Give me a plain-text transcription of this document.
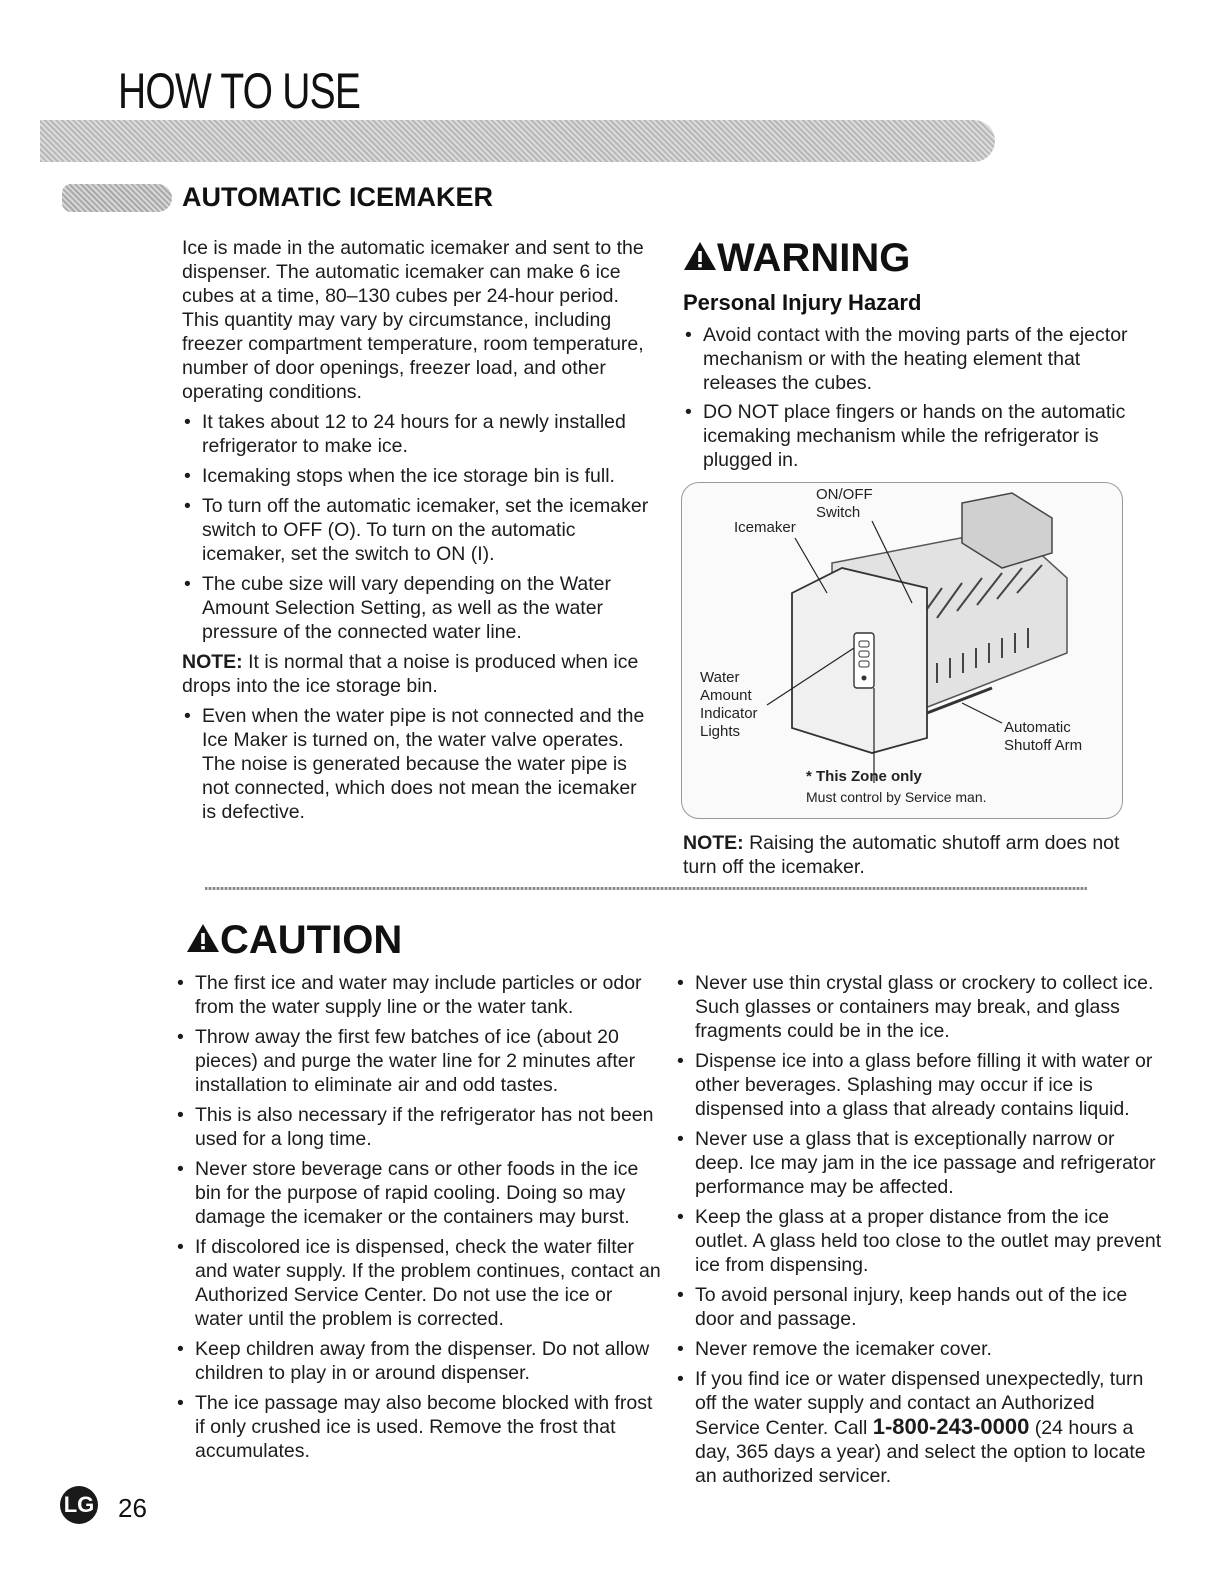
HOW TO USE
AUTOMATIC ICEMAKER

Ice is made in the automatic icemaker and sent to the dispenser. The automatic icemaker can make 6 ice cubes at a time, 80–130 cubes per 24-hour period. This quantity may vary by circumstance, including freezer compartment temperature, room temperature, number of door openings, freezer load, and other operating conditions.

• It takes about 12 to 24 hours for a newly installed refrigerator to make ice.

• Icemaking stops when the ice storage bin is full.

• To turn off the automatic icemaker, set the icemaker switch to OFF (O). To turn on the automatic icemaker, set the switch to ON (I).

• The cube size will vary depending on the Water Amount Selection Setting, as well as the water pressure of the connected water line.

NOTE: It is normal that a noise is produced when ice drops into the ice storage bin.

• Even when the water pipe is not connected and the Ice Maker is turned on, the water valve operates. The noise is generated because the water pipe is not connected, which does not mean the icemaker is defective.

WARNING
Personal Injury Hazard

• Avoid contact with the moving parts of the ejector mechanism or with the heating element that releases the cubes.

• DO NOT place fingers or hands on the automatic icemaking mechanism while the refrigerator is plugged in.

ON/OFF Switch
Icemaker
Water Amount Indicator Lights	Automatic Shutoff Arm
* This Zone only
Must control by Service man.
NOTE: Raising the automatic shutoff arm does not turn off the icemaker.
CAUTION

• The first ice and water may include particles or odor from the water supply line or the water tank.

• Throw away the first few batches of ice (about 20 pieces) and purge the water line for 2 minutes after installation to eliminate air and odd tastes.

• This is also necessary if the refrigerator has not been used for a long time.

• Never store beverage cans or other foods in the ice bin for the purpose of rapid cooling. Doing so may damage the icemaker or the containers may burst.

• If discolored ice is dispensed, check the water filter and water supply. If the problem continues, contact an Authorized Service Center. Do not use the ice or water until the problem is corrected.

• Keep children away from the dispenser. Do not allow children to play in or around dispenser.

• The ice passage may also become blocked with frost if only crushed ice is used. Remove the frost that accumulates.

• Never use thin crystal glass or crockery to collect ice. Such glasses or containers may break, and glass fragments could be in the ice.

• Dispense ice into a glass before filling it with water or other beverages. Splashing may occur if ice is dispensed into a glass that already contains liquid.

• Never use a glass that is exceptionally narrow or deep. Ice may jam in the ice passage and refrigerator performance may be affected.

• Keep the glass at a proper distance from the ice outlet. A glass held too close to the outlet may prevent ice from dispensing.

• To avoid personal injury, keep hands out of the ice door and passage.

• Never remove the icemaker cover.

• If you find ice or water dispensed unexpectedly, turn off the water supply and contact an Authorized Service Center. Call 1-800-243-0000 (24 hours a day, 365 days a year) and select the option to locate an authorized servicer.

LG 26
